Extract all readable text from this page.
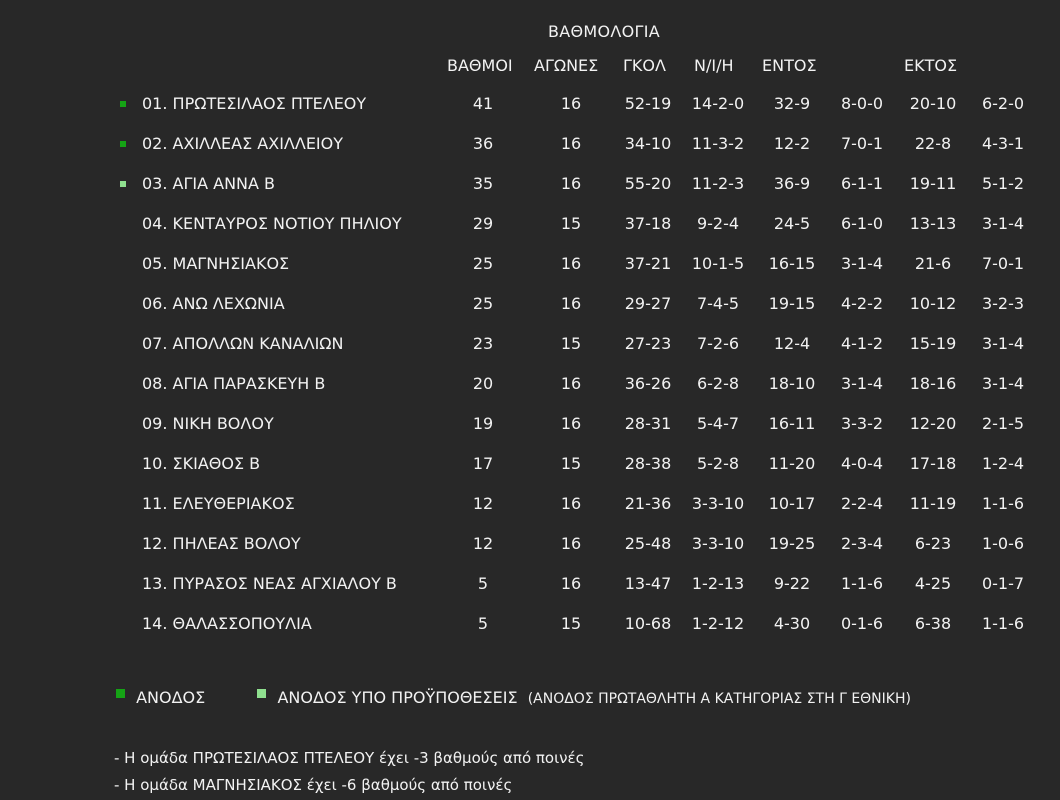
ΒΑΘΜΟΛΟΓΙΑ
ΒΑΘΜΟΙ ΑΓΩΝΕΣ ΓΚΟΛ Ν/Ι/Η ΕΝΤΟΣ	ΕΚΤΟΣ
01. ΠΡΩΤΕΣΙΛΑΟΣ ΠΤΕΛΕΟΥ	41	16	52-19 14-2-0 32-9 8-0-0 20-10 6-2-0
02. ΑΧΙΛΛΕΑΣ ΑΧΙΛΛΕΙΟΥ	36	16	34-10 11-3-2 12-2 7-0-1 22-8 4-3-1
03. ΑΓΙΑ ΑΝΝΑ Β	35	16	55-20 11-2-3 36-9 6-1-1 19-11 5-1-2
04. ΚΕΝΤΑΥΡΟΣ ΝΟΤΙΟΥ ΠΗΛΙΟΥ	29	15	37-18 9-2-4 24-5 6-1-0 13-13 3-1-4
05. ΜΑΓΝΗΣΙΑΚΟΣ	25	16	37-21 10-1-5 16-15 3-1-4 21-6 7-0-1
06. ΑΝΩ ΛΕΧΩΝΙΑ	25	16	29-27 7-4-5 19-15 4-2-2 10-12 3-2-3
07. ΑΠΟΛΛΩΝ ΚΑΝΑΛΙΩΝ	23	15	27-23 7-2-6 12-4 4-1-2 15-19 3-1-4
08. ΑΓΙΑ ΠΑΡΑΣΚΕΥΗ Β	20	16	36-26 6-2-8 18-10 3-1-4 18-16 3-1-4
09. ΝΙΚΗ ΒΟΛΟΥ	19	16	28-31 5-4-7 16-11 3-3-2 12-20 2-1-5
10. ΣΚΙΑΘΟΣ Β	17	15	28-38 5-2-8 11-20 4-0-4 17-18 1-2-4
11. ΕΛΕΥΘΕΡΙΑΚΟΣ	12	16	21-36 3-3-10 10-17 2-2-4 11-19 1-1-6
12. ΠΗΛΕΑΣ ΒΟΛΟΥ	12	16	25-48 3-3-10 19-25 2-3-4 6-23 1-0-6
13. ΠΥΡΑΣΟΣ ΝΕΑΣ ΑΓΧΙΑΛΟΥ Β	5	16	13-47 1-2-13 9-22 1-1-6 4-25 0-1-7
14. ΘΑΛΑΣΣΟΠΟΥΛΙΑ	5	15	10-68 1-2-12 4-30 0-1-6 6-38 1-1-6
ΑΝΟΔΟΣ	ΑΝΟΔΟΣ ΥΠΟ ΠΡΟΫΠΟΘΕΣΕΙΣ (ΑΝΟΔΟΣ ΠΡΩΤΑΘΛΗΤΗ Α ΚΑΤΗΓΟΡΙΑΣ ΣΤΗ Γ ΕΘΝΙΚΗ)
- Η ομάδα ΠΡΩΤΕΣΙΛΑΟΣ ΠΤΕΛΕΟΥ έχει -3 βαθμούς από ποινές
- Η ομάδα ΜΑΓΝΗΣΙΑΚΟΣ έχει -6 βαθμούς από ποινές
